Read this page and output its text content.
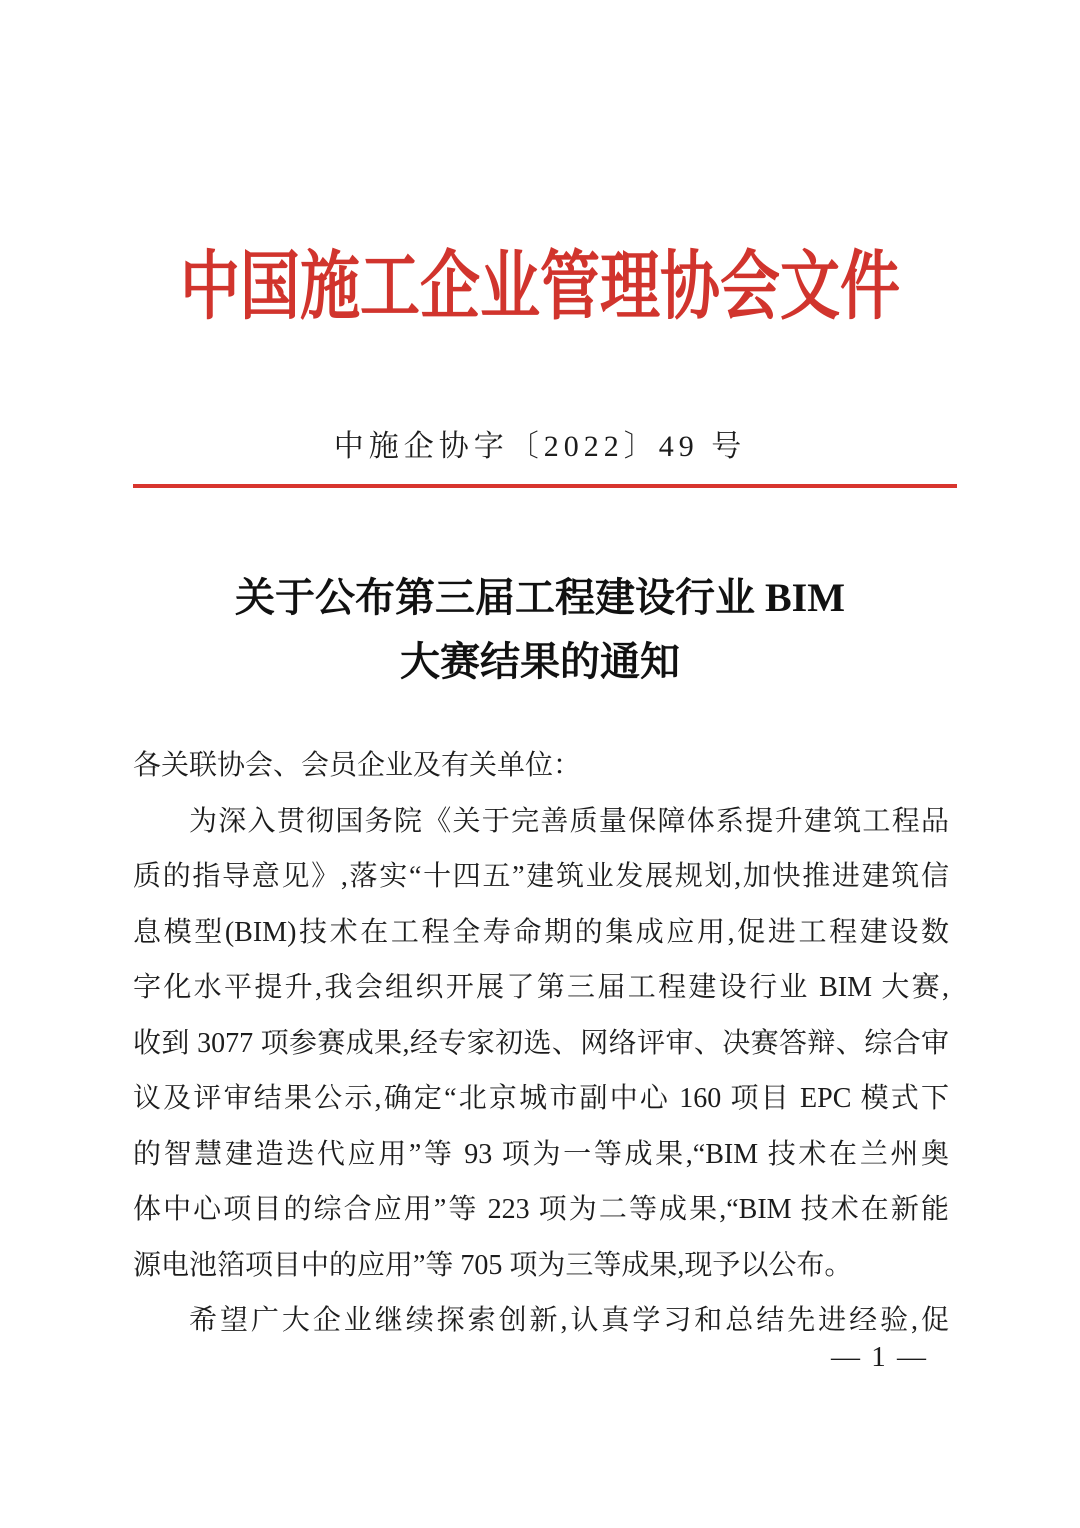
中国施工企业管理协会文件
中施企协字〔2022〕49 号
关于公布第三届工程建设行业 BIM
大赛结果的通知
各关联协会、会员企业及有关单位：
为深入贯彻国务院《关于完善质量保障体系提升建筑工程品
质的指导意见》,落实“十四五”建筑业发展规划,加快推进建筑信
息模型(BIM)技术在工程全寿命期的集成应用,促进工程建设数
字化水平提升,我会组织开展了第三届工程建设行业 BIM 大赛,
收到 3077 项参赛成果,经专家初选、网络评审、决赛答辩、综合审
议及评审结果公示,确定“北京城市副中心 160 项目 EPC 模式下
的智慧建造迭代应用”等 93 项为一等成果,“BIM 技术在兰州奥
体中心项目的综合应用”等 223 项为二等成果,“BIM 技术在新能
源电池箔项目中的应用”等 705 项为三等成果,现予以公布。
希望广大企业继续探索创新,认真学习和总结先进经验,促
— 1 —
